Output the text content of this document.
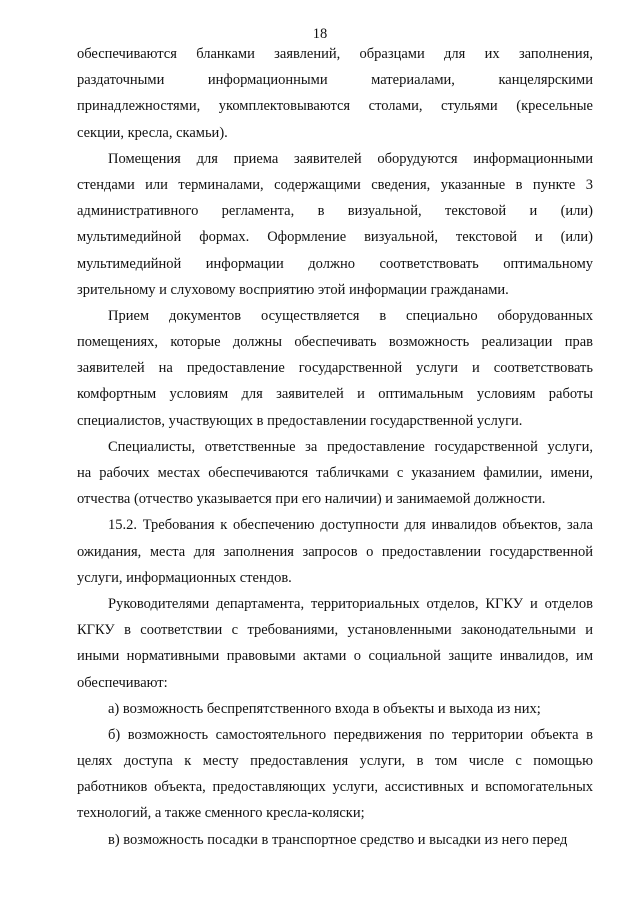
18
обеспечиваются бланками заявлений, образцами для их заполнения,
раздаточными информационными материалами, канцелярскими
принадлежностями, укомплектовываются столами, стульями (кресельные
секции, кресла, скамьи).
Помещения для приема заявителей оборудуются информационными
стендами или терминалами, содержащими сведения, указанные в пункте 3
административного регламента, в визуальной, текстовой и (или)
мультимедийной формах. Оформление визуальной, текстовой и (или)
мультимедийной информации должно соответствовать оптимальному
зрительному и слуховому восприятию этой информации гражданами.
Прием документов осуществляется в специально оборудованных
помещениях, которые должны обеспечивать возможность реализации прав
заявителей на предоставление государственной услуги и соответствовать
комфортным условиям для заявителей и оптимальным условиям работы
специалистов, участвующих в предоставлении государственной услуги.
Специалисты, ответственные за предоставление государственной услуги,
на рабочих местах обеспечиваются табличками с указанием фамилии, имени,
отчества (отчество указывается при его наличии) и занимаемой должности.
15.2. Требования к обеспечению доступности для инвалидов объектов, зала
ожидания, места для заполнения запросов о предоставлении государственной
услуги, информационных стендов.
Руководителями департамента, территориальных отделов, КГКУ и отделов
КГКУ в соответствии с требованиями, установленными законодательными и
иными нормативными правовыми актами о социальной защите инвалидов, им
обеспечивают:
а) возможность беспрепятственного входа в объекты и выхода из них;
б) возможность самостоятельного передвижения по территории объекта в
целях доступа к месту предоставления услуги, в том числе с помощью
работников объекта, предоставляющих услуги, ассистивных и вспомогательных
технологий, а также сменного кресла-коляски;
в) возможность посадки в транспортное средство и высадки из него перед
